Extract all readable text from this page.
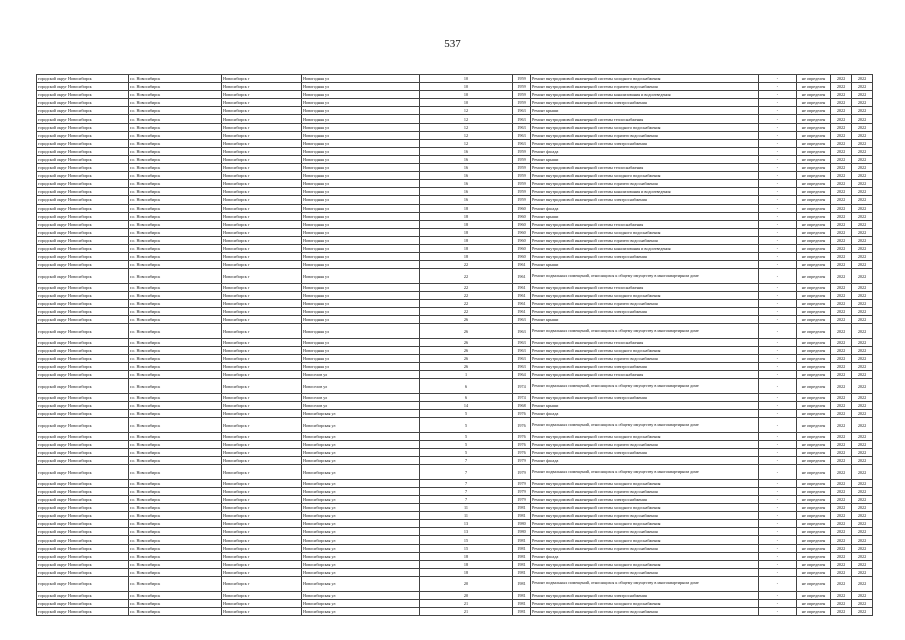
537
городской округ Новосибирск	г.о. Новосибирск	Новосибирск г	Новогодняя ул	10	1959	Ремонт внутридомовой инженерной системы холодного водоснабжения	-	не определен	2022	2022
городской округ Новосибирск	г.о. Новосибирск	Новосибирск г	Новогодняя ул	10	1959	Ремонт внутридомовой инженерной системы горячего водоснабжения	-	не определен	2022	2022
городской округ Новосибирск	г.о. Новосибирск	Новосибирск г	Новогодняя ул	10	1959	Ремонт внутридомовой инженерной системы канализования и водоотведения	-	не определен	2022	2022
городской округ Новосибирск	г.о. Новосибирск	Новосибирск г	Новогодняя ул	10	1959	Ремонт внутридомовой инженерной системы электроснабжения	-	не определен	2022	2022
городской округ Новосибирск	г.о. Новосибирск	Новосибирск г	Новогодняя ул	12	1963	Ремонт крыши	-	не определен	2022	2022
городской округ Новосибирск	г.о. Новосибирск	Новосибирск г	Новогодняя ул	12	1963	Ремонт внутридомовой инженерной системы теплоснабжения	-	не определен	2022	2022
городской округ Новосибирск	г.о. Новосибирск	Новосибирск г	Новогодняя ул	12	1963	Ремонт внутридомовой инженерной системы холодного водоснабжения	-	не определен	2022	2022
городской округ Новосибирск	г.о. Новосибирск	Новосибирск г	Новогодняя ул	12	1963	Ремонт внутридомовой инженерной системы горячего водоснабжения	-	не определен	2022	2022
городской округ Новосибирск	г.о. Новосибирск	Новосибирск г	Новогодняя ул	12	1963	Ремонт внутридомовой инженерной системы электроснабжения	-	не определен	2022	2022
городской округ Новосибирск	г.о. Новосибирск	Новосибирск г	Новогодняя ул	16	1959	Ремонт фасада	-	не определен	2022	2022
городской округ Новосибирск	г.о. Новосибирск	Новосибирск г	Новогодняя ул	16	1959	Ремонт крыши	-	не определен	2022	2022
городской округ Новосибирск	г.о. Новосибирск	Новосибирск г	Новогодняя ул	16	1959	Ремонт внутридомовой инженерной системы теплоснабжения	-	не определен	2022	2022
городской округ Новосибирск	г.о. Новосибирск	Новосибирск г	Новогодняя ул	16	1959	Ремонт внутридомовой инженерной системы холодного водоснабжения	-	не определен	2022	2022
городской округ Новосибирск	г.о. Новосибирск	Новосибирск г	Новогодняя ул	16	1959	Ремонт внутридомовой инженерной системы горячего водоснабжения	-	не определен	2022	2022
городской округ Новосибирск	г.о. Новосибирск	Новосибирск г	Новогодняя ул	16	1959	Ремонт внутридомовой инженерной системы канализования и водоотведения	-	не определен	2022	2022
городской округ Новосибирск	г.о. Новосибирск	Новосибирск г	Новогодняя ул	16	1959	Ремонт внутридомовой инженерной системы электроснабжения	-	не определен	2022	2022
городской округ Новосибирск	г.о. Новосибирск	Новосибирск г	Новогодняя ул	18	1960	Ремонт фасада	-	не определен	2022	2022
городской округ Новосибирск	г.о. Новосибирск	Новосибирск г	Новогодняя ул	18	1960	Ремонт крыши	-	не определен	2022	2022
городской округ Новосибирск	г.о. Новосибирск	Новосибирск г	Новогодняя ул	18	1960	Ремонт внутридомовой инженерной системы теплоснабжения	-	не определен	2022	2022
городской округ Новосибирск	г.о. Новосибирск	Новосибирск г	Новогодняя ул	18	1960	Ремонт внутридомовой инженерной системы холодного водоснабжения	-	не определен	2022	2022
городской округ Новосибирск	г.о. Новосибирск	Новосибирск г	Новогодняя ул	18	1960	Ремонт внутридомовой инженерной системы горячего водоснабжения	-	не определен	2022	2022
городской округ Новосибирск	г.о. Новосибирск	Новосибирск г	Новогодняя ул	18	1960	Ремонт внутридомовой инженерной системы канализования и водоотведения	-	не определен	2022	2022
городской округ Новосибирск	г.о. Новосибирск	Новосибирск г	Новогодняя ул	18	1960	Ремонт внутридомовой инженерной системы электроснабжения	-	не определен	2022	2022
городской округ Новосибирск	г.о. Новосибирск	Новосибирск г	Новогодняя ул	22	1961	Ремонт крыши	-	не определен	2022	2022
городской округ Новосибирск	г.о. Новосибирск	Новосибирск г	Новогодняя ул	22	1961	Ремонт подвальных помещений, относящихся к общему имуществу в многоквартирном доме	-	не определен	2022	2022
городской округ Новосибирск	г.о. Новосибирск	Новосибирск г	Новогодняя ул	22	1961	Ремонт внутридомовой инженерной системы теплоснабжения	-	не определен	2022	2022
городской округ Новосибирск	г.о. Новосибирск	Новосибирск г	Новогодняя ул	22	1961	Ремонт внутридомовой инженерной системы холодного водоснабжения	-	не определен	2022	2022
городской округ Новосибирск	г.о. Новосибирск	Новосибирск г	Новогодняя ул	22	1961	Ремонт внутридомовой инженерной системы горячего водоснабжения	-	не определен	2022	2022
городской округ Новосибирск	г.о. Новосибирск	Новосибирск г	Новогодняя ул	22	1961	Ремонт внутридомовой инженерной системы электроснабжения	-	не определен	2022	2022
городской округ Новосибирск	г.о. Новосибирск	Новосибирск г	Новогодняя ул	26	1963	Ремонт крыши	-	не определен	2022	2022
городской округ Новосибирск	г.о. Новосибирск	Новосибирск г	Новогодняя ул	26	1963	Ремонт подвальных помещений, относящихся к общему имуществу в многоквартирном доме	-	не определен	2022	2022
городской округ Новосибирск	г.о. Новосибирск	Новосибирск г	Новогодняя ул	26	1963	Ремонт внутридомовой инженерной системы теплоснабжения	-	не определен	2022	2022
городской округ Новосибирск	г.о. Новосибирск	Новосибирск г	Новогодняя ул	26	1963	Ремонт внутридомовой инженерной системы холодного водоснабжения	-	не определен	2022	2022
городской округ Новосибирск	г.о. Новосибирск	Новосибирск г	Новогодняя ул	26	1963	Ремонт внутридомовой инженерной системы горячего водоснабжения	-	не определен	2022	2022
городской округ Новосибирск	г.о. Новосибирск	Новосибирск г	Новогодняя ул	26	1963	Ремонт внутридомовой инженерной системы электроснабжения	-	не определен	2022	2022
городской округ Новосибирск	г.о. Новосибирск	Новосибирск г	Новоселов ул	1	1964	Ремонт внутридомовой инженерной системы теплоснабжения	-	не определен	2022	2022
городской округ Новосибирск	г.о. Новосибирск	Новосибирск г	Новоселов ул	6	1974	Ремонт подвальных помещений, относящихся к общему имуществу в многоквартирном доме	-	не определен	2022	2022
городской округ Новосибирск	г.о. Новосибирск	Новосибирск г	Новоселов ул	6	1974	Ремонт внутридомовой инженерной системы электроснабжения	-	не определен	2022	2022
городской округ Новосибирск	г.о. Новосибирск	Новосибирск г	Новоселов ул	14	1968	Ремонт крыши	-	не определен	2022	2022
городской округ Новосибирск	г.о. Новосибирск	Новосибирск г	Новосибирская ул	5	1976	Ремонт фасада	-	не определен	2022	2022
городской округ Новосибирск	г.о. Новосибирск	Новосибирск г	Новосибирская ул	5	1976	Ремонт подвальных помещений, относящихся к общему имуществу в многоквартирном доме	-	не определен	2022	2022
городской округ Новосибирск	г.о. Новосибирск	Новосибирск г	Новосибирская ул	5	1976	Ремонт внутридомовой инженерной системы холодного водоснабжения	-	не определен	2022	2022
городской округ Новосибирск	г.о. Новосибирск	Новосибирск г	Новосибирская ул	5	1976	Ремонт внутридомовой инженерной системы горячего водоснабжения	-	не определен	2022	2022
городской округ Новосибирск	г.о. Новосибирск	Новосибирск г	Новосибирская ул	5	1976	Ремонт внутридомовой инженерной системы электроснабжения	-	не определен	2022	2022
городской округ Новосибирск	г.о. Новосибирск	Новосибирск г	Новосибирская ул	7	1979	Ремонт фасада	-	не определен	2022	2022
городской округ Новосибирск	г.о. Новосибирск	Новосибирск г	Новосибирская ул	7	1979	Ремонт подвальных помещений, относящихся к общему имуществу в многоквартирном доме	-	не определен	2022	2022
городской округ Новосибирск	г.о. Новосибирск	Новосибирск г	Новосибирская ул	7	1979	Ремонт внутридомовой инженерной системы холодного водоснабжения	-	не определен	2022	2022
городской округ Новосибирск	г.о. Новосибирск	Новосибирск г	Новосибирская ул	7	1979	Ремонт внутридомовой инженерной системы горячего водоснабжения	-	не определен	2022	2022
городской округ Новосибирск	г.о. Новосибирск	Новосибирск г	Новосибирская ул	7	1979	Ремонт внутридомовой инженерной системы электроснабжения	-	не определен	2022	2022
городской округ Новосибирск	г.о. Новосибирск	Новосибирск г	Новосибирская ул	11	1981	Ремонт внутридомовой инженерной системы холодного водоснабжения	-	не определен	2022	2022
городской округ Новосибирск	г.о. Новосибирск	Новосибирск г	Новосибирская ул	11	1981	Ремонт внутридомовой инженерной системы горячего водоснабжения	-	не определен	2022	2022
городской округ Новосибирск	г.о. Новосибирск	Новосибирск г	Новосибирская ул	13	1980	Ремонт внутридомовой инженерной системы холодного водоснабжения	-	не определен	2022	2022
городской округ Новосибирск	г.о. Новосибирск	Новосибирск г	Новосибирская ул	13	1980	Ремонт внутридомовой инженерной системы горячего водоснабжения	-	не определен	2022	2022
городской округ Новосибирск	г.о. Новосибирск	Новосибирск г	Новосибирская ул	15	1981	Ремонт внутридомовой инженерной системы холодного водоснабжения	-	не определен	2022	2022
городской округ Новосибирск	г.о. Новосибирск	Новосибирск г	Новосибирская ул	15	1981	Ремонт внутридомовой инженерной системы горячего водоснабжения	-	не определен	2022	2022
городской округ Новосибирск	г.о. Новосибирск	Новосибирск г	Новосибирская ул	18	1981	Ремонт фасада	-	не определен	2022	2022
городской округ Новосибирск	г.о. Новосибирск	Новосибирск г	Новосибирская ул	18	1981	Ремонт внутридомовой инженерной системы холодного водоснабжения	-	не определен	2022	2022
городской округ Новосибирск	г.о. Новосибирск	Новосибирск г	Новосибирская ул	18	1981	Ремонт внутридомовой инженерной системы горячего водоснабжения	-	не определен	2022	2022
городской округ Новосибирск	г.о. Новосибирск	Новосибирск г	Новосибирская ул	20	1981	Ремонт подвальных помещений, относящихся к общему имуществу в многоквартирном доме	-	не определен	2022	2022
городской округ Новосибирск	г.о. Новосибирск	Новосибирск г	Новосибирская ул	20	1981	Ремонт внутридомовой инженерной системы электроснабжения	-	не определен	2022	2022
городской округ Новосибирск	г.о. Новосибирск	Новосибирск г	Новосибирская ул	21	1981	Ремонт внутридомовой инженерной системы холодного водоснабжения	-	не определен	2022	2022
городской округ Новосибирск	г.о. Новосибирск	Новосибирск г	Новосибирская ул	21	1981	Ремонт внутридомовой инженерной системы горячего водоснабжения	-	не определен	2022	2022
